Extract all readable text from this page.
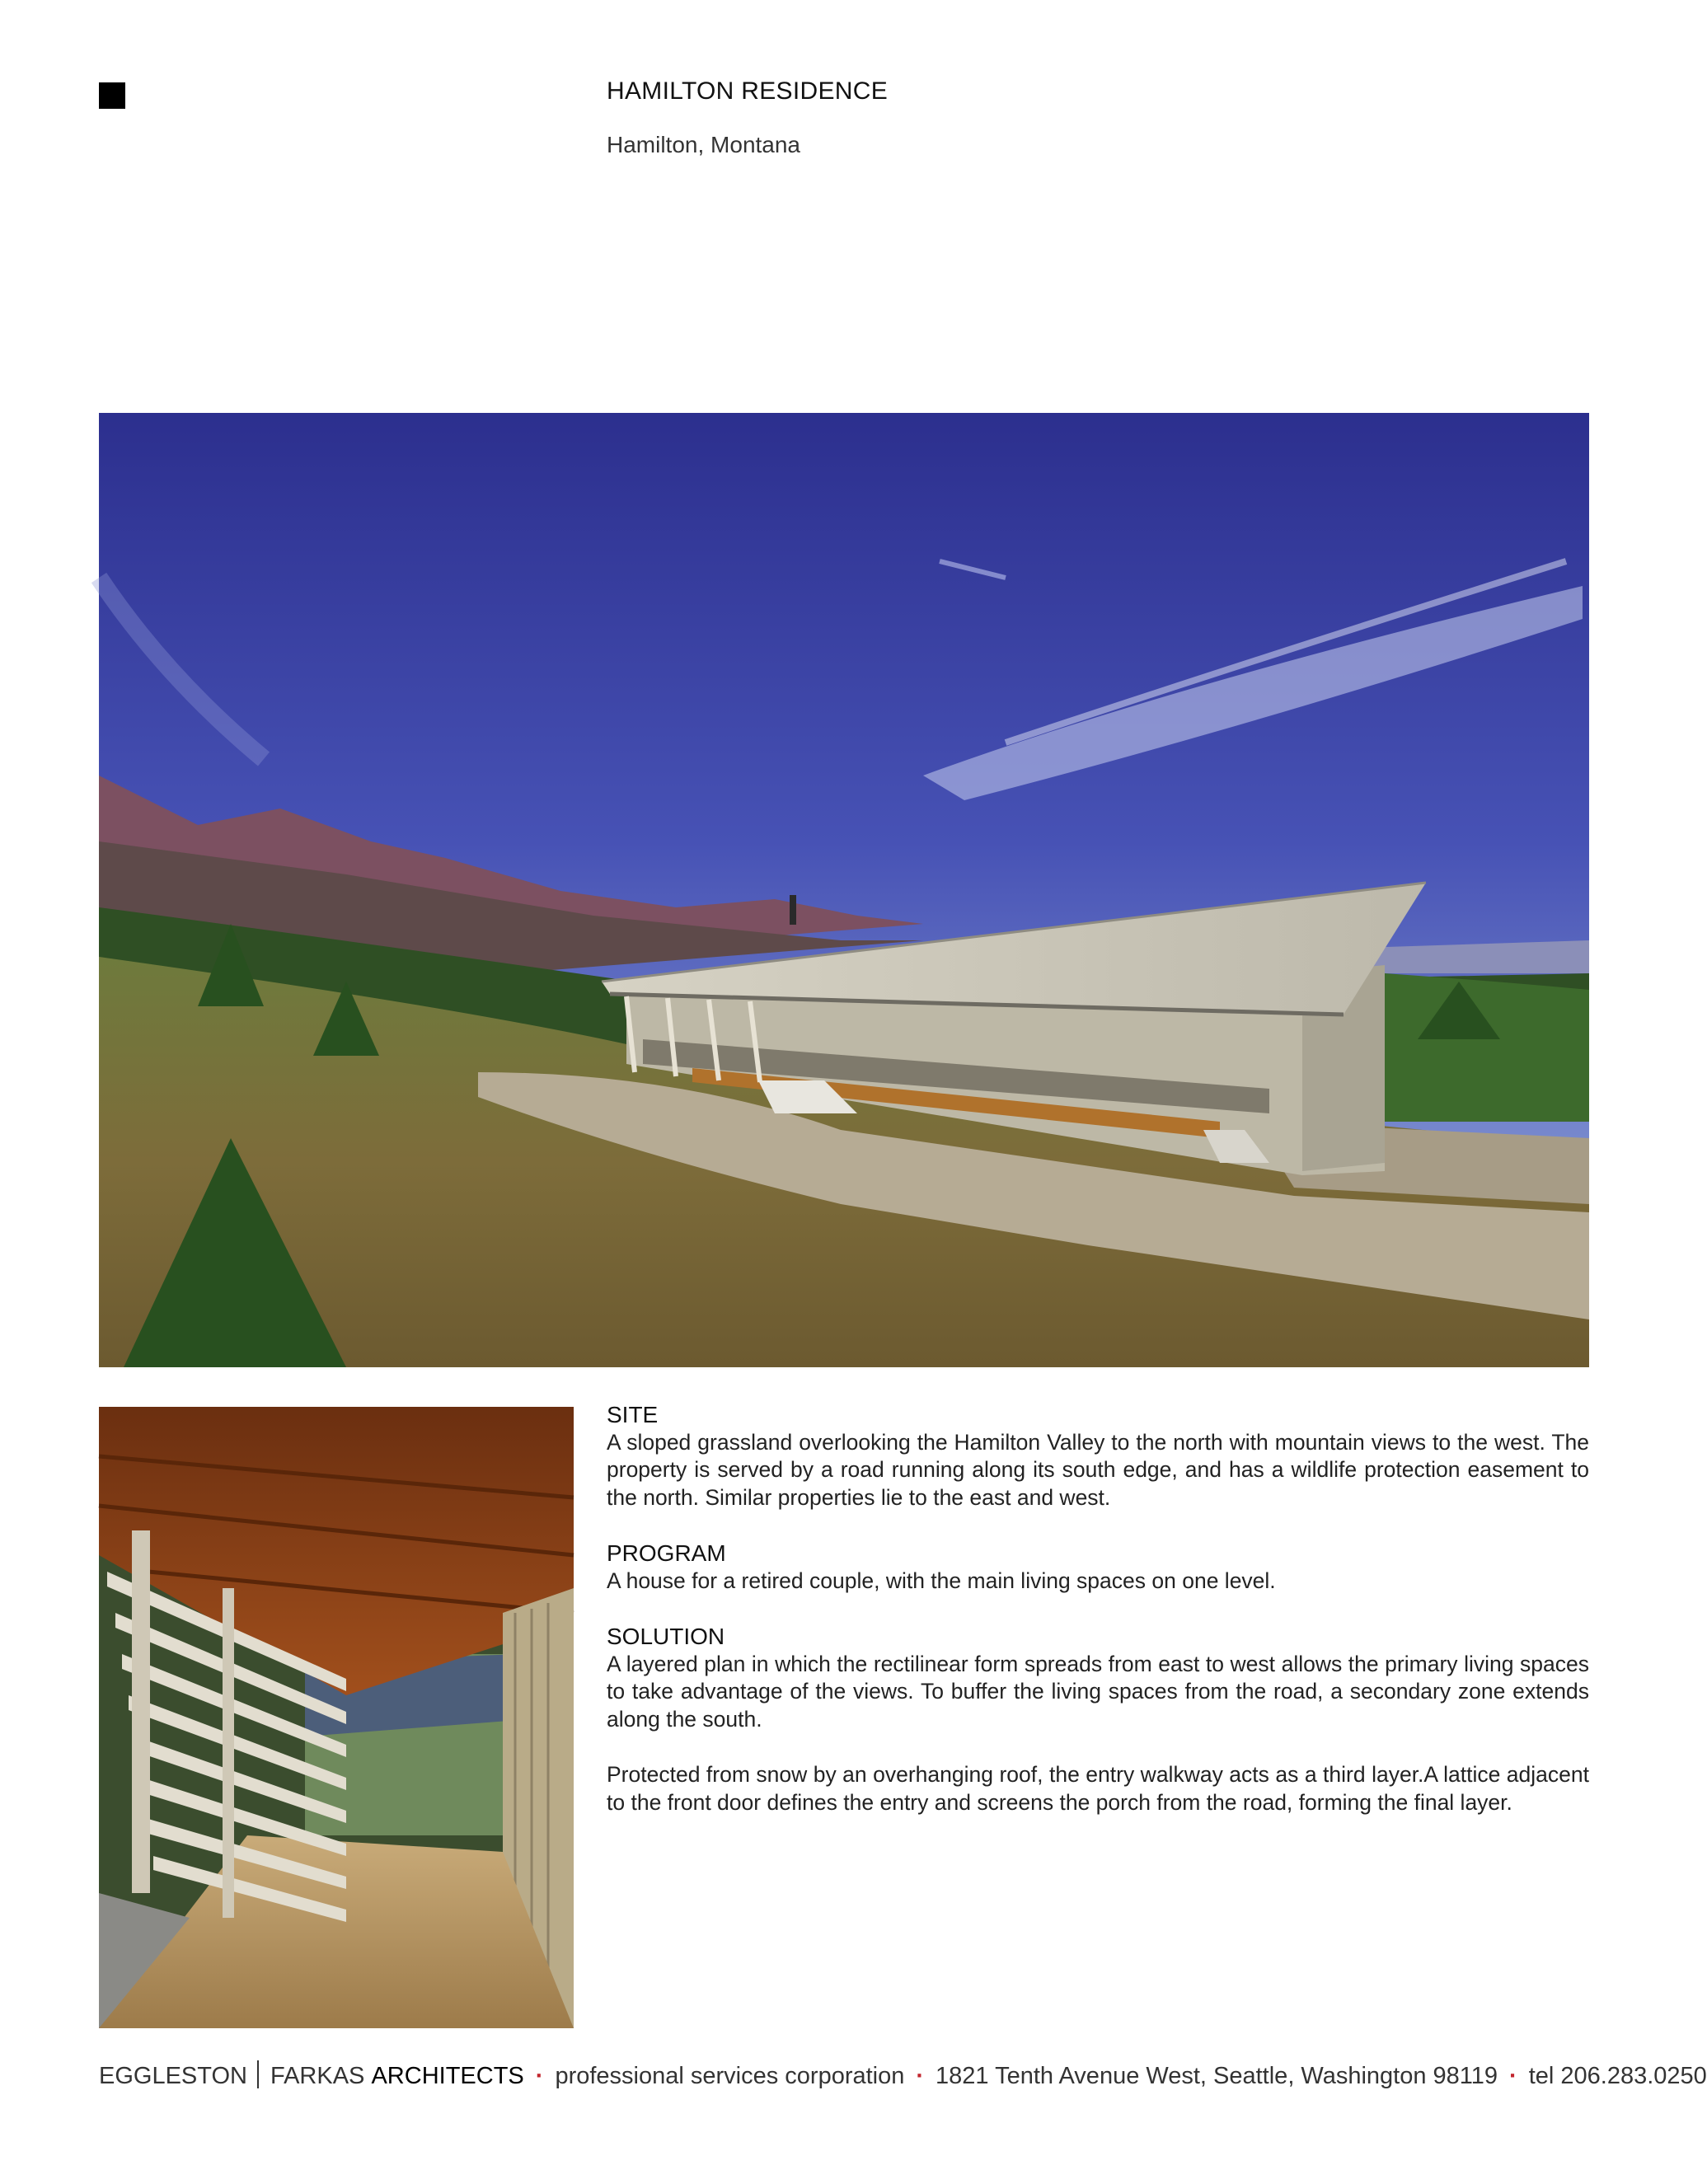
HAMILTON RESIDENCE
Hamilton, Montana

SITE

A sloped grassland overlooking the Hamilton Valley to the north with mountain views to the west. The property is served by a road running along its south edge, and has a wildlife protection easement to the north. Similar properties lie to the east and west.

PROGRAM

A house for a retired couple, with the main living spaces on one level.

SOLUTION

A layered plan in which the rectilinear form spreads from east to west allows the primary living spaces to take advantage of the views. To buffer the living spaces from the road, a secondary zone extends along the south.

Protected from snow by an overhanging roof, the entry walkway acts as a third layer.A lattice adjacent to the front door defines the entry and screens the porch from the road, forming the final layer.

EGGLESTON FARKAS ARCHITECTS · professional services corporation · 1821 Tenth Avenue West, Seattle, Washington 98119 · tel 206.283.0250
